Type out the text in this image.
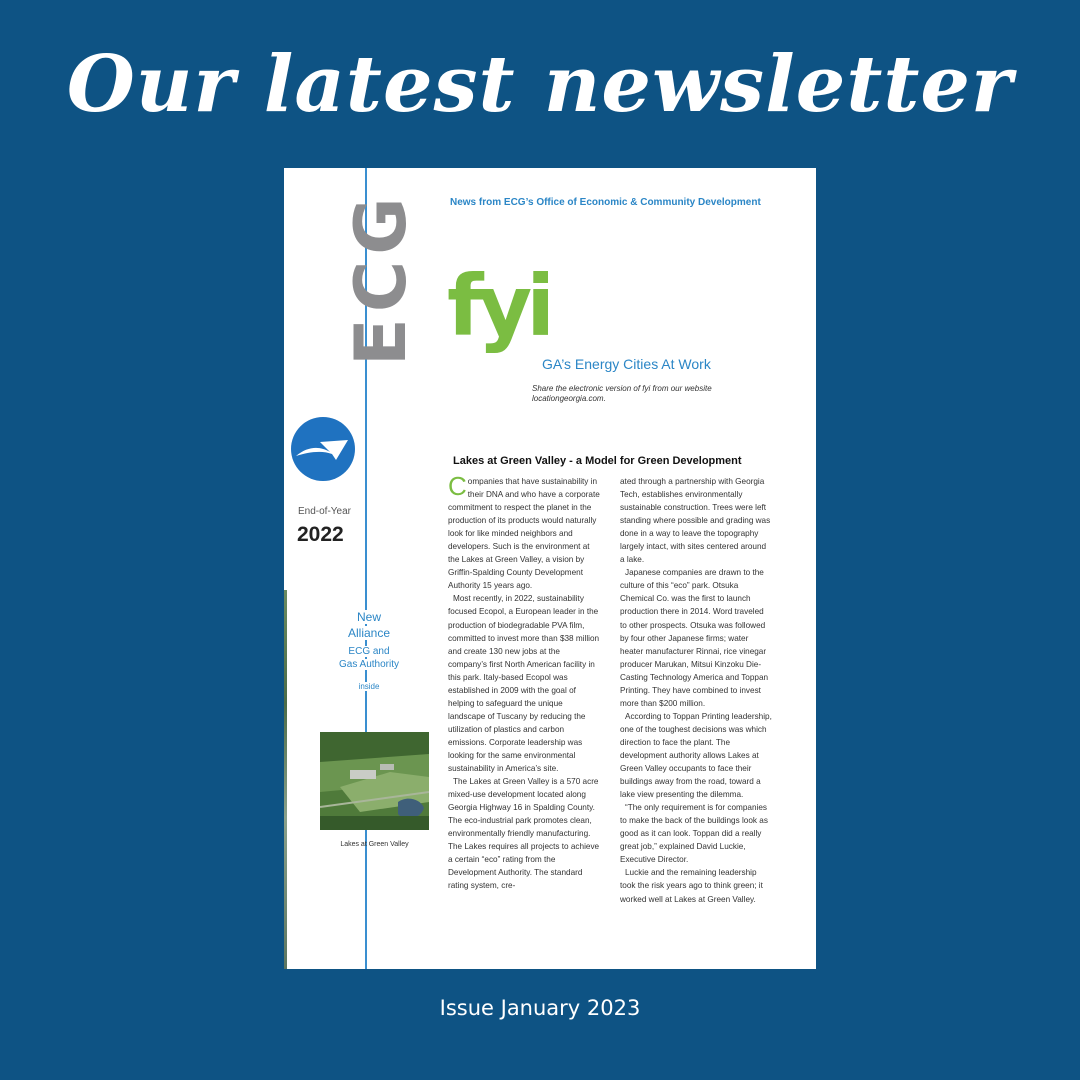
Our latest newsletter
ECG
End-of-Year
2022
New
Alliance
ECG and
Gas Authority
inside
Lakes at Green Valley
News from ECG’s Office of Economic & Community Development
fyi
GA’s Energy Cities At Work
Share the electronic version of fyi from our website
locationgeorgia.com.
Lakes at Green Valley - a Model for Green Development

Companies that have sustainability in their DNA and who have a corporate commitment to respect the planet in the production of its products would naturally look for like minded neighbors and developers. Such is the environment at the Lakes at Green Valley, a vision by Griffin-Spalding County Development Authority 15 years ago.

Most recently, in 2022, sustainability focused Ecopol, a European leader in the production of biodegradable PVA film, committed to invest more than $38 million and create 130 new jobs at the company’s first North American facility in this park. Italy-based Ecopol was established in 2009 with the goal of helping to safeguard the unique landscape of Tuscany by reducing the utilization of plastics and carbon emissions. Corporate leadership was looking for the same environmental sustainability in America’s site.

The Lakes at Green Valley is a 570 acre mixed-use development located along Georgia Highway 16 in Spalding County. The eco-industrial park promotes clean, environmentally friendly manufacturing. The Lakes requires all projects to achieve a certain “eco” rating from the Development Authority. The standard rating system, cre-

ated through a partnership with Georgia Tech, establishes environmentally sustainable construction. Trees were left standing where possible and grading was done in a way to leave the topography largely intact, with sites centered around a lake.

Japanese companies are drawn to the culture of this “eco” park. Otsuka Chemical Co. was the first to launch production there in 2014. Word traveled to other prospects. Otsuka was followed by four other Japanese firms; water heater manufacturer Rinnai, rice vinegar producer Marukan, Mitsui Kinzoku Die-Casting Technology America and Toppan Printing. They have combined to invest more than $200 million.

According to Toppan Printing leadership, one of the toughest decisions was which direction to face the plant. The development authority allows Lakes at Green Valley occupants to face their buildings away from the road, toward a lake view presenting the dilemma.

“The only requirement is for companies to make the back of the buildings look as good as it can look. Toppan did a really great job,” explained David Luckie, Executive Director.

Luckie and the remaining leadership took the risk years ago to think green; it worked well at Lakes at Green Valley.

Issue January 2023
